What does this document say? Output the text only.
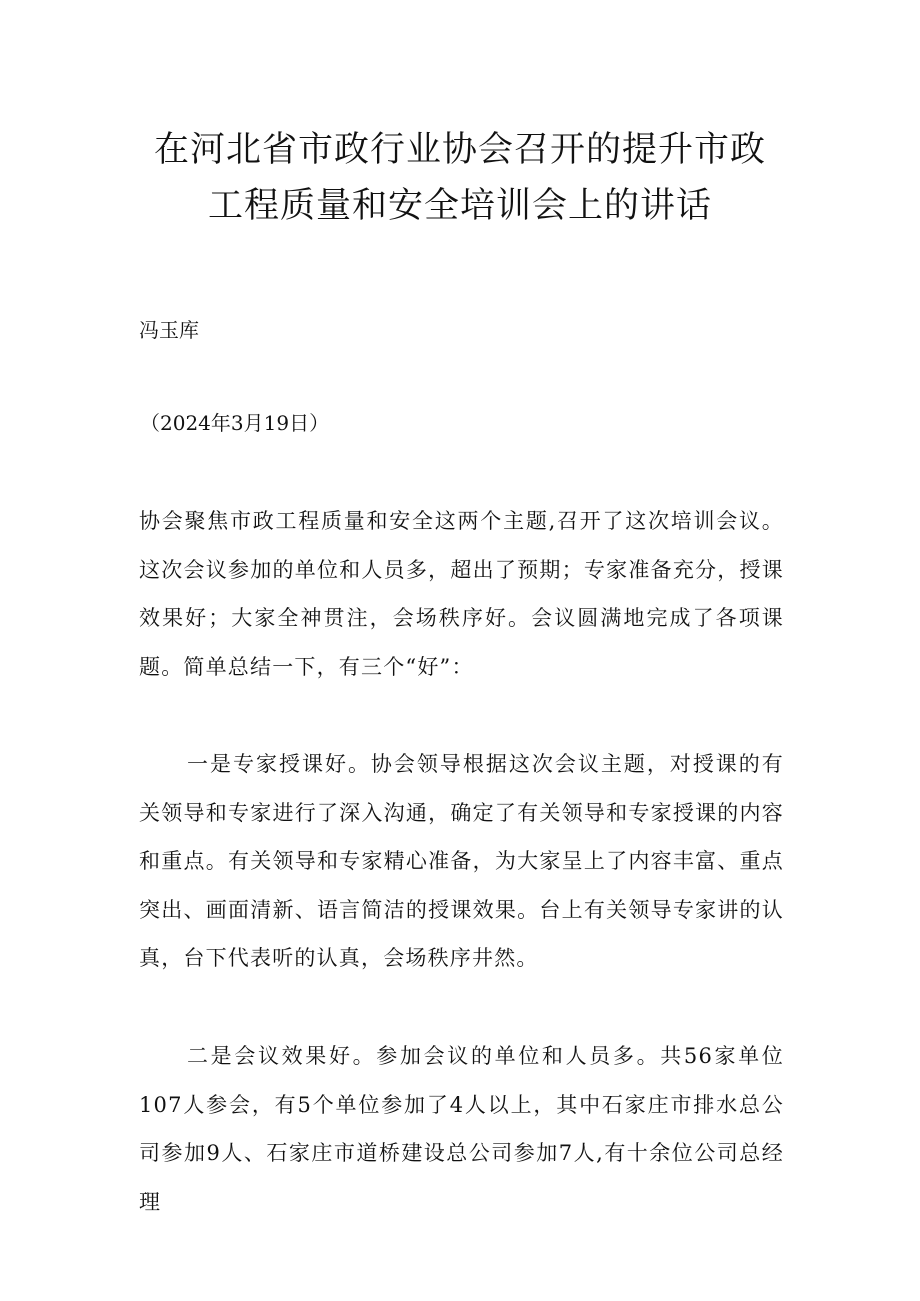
在河北省市政行业协会召开的提升市政工程质量和安全培训会上的讲话

冯玉库

（2024年3月19日）

协会聚焦市政工程质量和安全这两个主题,召开了这次培训会议。这次会议参加的单位和人员多，超出了预期；专家准备充分，授课效果好；大家全神贯注，会场秩序好。会议圆满地完成了各项课题。简单总结一下，有三个“好”：

一是专家授课好。协会领导根据这次会议主题，对授课的有关领导和专家进行了深入沟通，确定了有关领导和专家授课的内容和重点。有关领导和专家精心准备，为大家呈上了内容丰富、重点突出、画面清新、语言简洁的授课效果。台上有关领导专家讲的认真，台下代表听的认真，会场秩序井然。

二是会议效果好。参加会议的单位和人员多。共56家单位107人参会，有5个单位参加了4人以上，其中石家庄市排水总公司参加9人、石家庄市道桥建设总公司参加7人,有十余位公司总经理
